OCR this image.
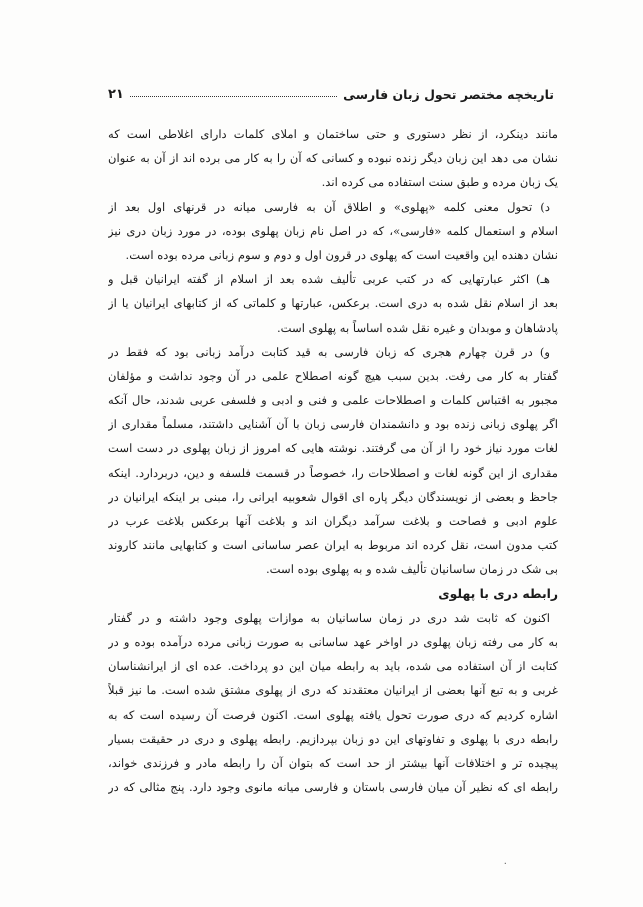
تاریخچه مختصر تحول زبان فارسی
۲۱
مانند دینکرد، از نظر دستوری و حتی ساختمان و املای کلمات دارای اغلاطی است که
نشان می دهد این زبان دیگر زنده نبوده و کسانی که آن را به کار می برده اند از آن به عنوان
یک زبان مرده و طبق سنت استفاده می کرده اند.
د) تحول معنی کلمه «پهلوی» و اطلاق آن به فارسی میانه در قرنهای اول بعد از
اسلام و استعمال کلمه «فارسی»، که در اصل نام زبان پهلوی بوده، در مورد زبان دری نیز
نشان دهنده این واقعیت است که پهلوی در قرون اول و دوم و سوم زبانی مرده بوده است.
هـ) اکثر عبارتهایی که در کتب عربی تألیف شده بعد از اسلام از گفته ایرانیان قبل و
بعد از اسلام نقل شده به دری است. برعکس، عبارتها و کلماتی که از کتابهای ایرانیان یا از
پادشاهان و موبدان و غیره نقل شده اساساً به پهلوی است.
و) در قرن چهارم هجری که زبان فارسی به قید کتابت درآمد زبانی بود که فقط در
گفتار به کار می رفت. بدین سبب هیچ گونه اصطلاح علمی در آن وجود نداشت و مؤلفان
مجبور به اقتباس کلمات و اصطلاحات علمی و فنی و ادبی و فلسفی عربی شدند، حال آنکه
اگر پهلوی زبانی زنده بود و دانشمندان فارسی زبان با آن آشنایی داشتند، مسلماً مقداری از
لغات مورد نیاز خود را از آن می گرفتند. نوشته هایی که امروز از زبان پهلوی در دست است
مقداری از این گونه لغات و اصطلاحات را، خصوصاً در قسمت فلسفه و دین، دربردارد. اینکه
جاحظ و بعضی از نویسندگان دیگر پاره ای اقوال شعوبیه ایرانی را، مبنی بر اینکه ایرانیان در
علوم ادبی و فصاحت و بلاغت سرآمد دیگران اند و بلاغت آنها برعکس بلاغت عرب در
کتب مدون است، نقل کرده اند مربوط به ایران عصر ساسانی است و کتابهایی مانند کاروند
بی شک در زمان ساسانیان تألیف شده و به پهلوی بوده است.
رابطه دری با پهلوی
اکنون که ثابت شد دری در زمان ساسانیان به موازات پهلوی وجود داشته و در گفتار
به کار می رفته زبان پهلوی در اواخر عهد ساسانی به صورت زبانی مرده درآمده بوده و در
کتابت از آن استفاده می شده، باید به رابطه میان این دو پرداخت. عده ای از ایرانشناسان
غربی و به تبع آنها بعضی از ایرانیان معتقدند که دری از پهلوی مشتق شده است. ما نیز قبلاً
اشاره کردیم که دری صورت تحول یافته پهلوی است. اکنون فرصت آن رسیده است که به
رابطه دری با پهلوی و تفاوتهای این دو زبان بپردازیم. رابطه پهلوی و دری در حقیقت بسیار
پیچیده تر و اختلافات آنها بیشتر از حد است که بتوان آن را رابطه مادر و فرزندی خواند،
رابطه ای که نظیر آن میان فارسی باستان و فارسی میانه مانوی وجود دارد. پنج مثالی که در
٠
